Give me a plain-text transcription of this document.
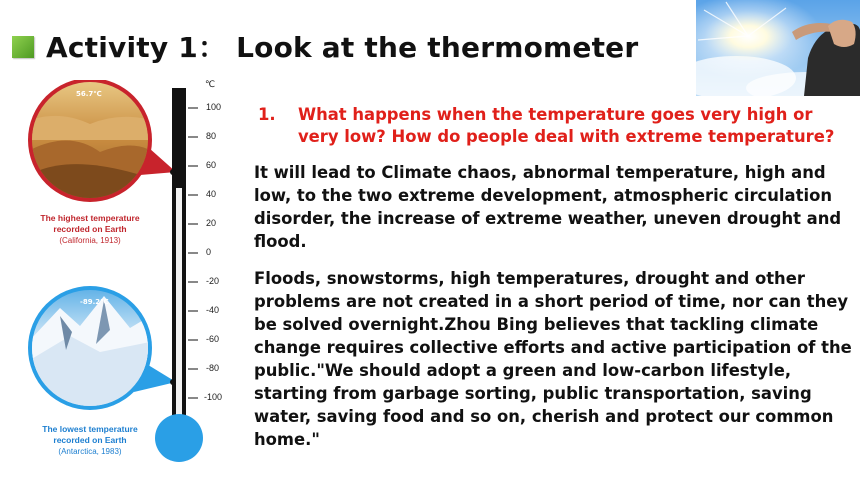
Activity 1： Look at the thermometer
56.7℃
-89.2℃
℃
100
80
60
40
20
0
-20
-40
-60
-80
-100
The highest temperature recorded on Earth
(California, 1913)
The lowest temperature recorded on Earth
(Antarctica, 1983)
1. What happens when the temperature goes very high or very low? How do people deal with extreme temperature?
It will lead to Climate chaos, abnormal temperature, high and low, to the two extreme development, atmospheric circulation disorder, the increase of extreme weather, uneven drought and flood.
Floods, snowstorms, high temperatures, drought and other problems are not created in a short period of time, nor can they be solved overnight.Zhou Bing believes that tackling climate change requires collective efforts and active participation of the public."We should adopt a green and low-carbon lifestyle, starting from garbage sorting, public transportation, saving water, saving food and so on, cherish and protect our common home."
